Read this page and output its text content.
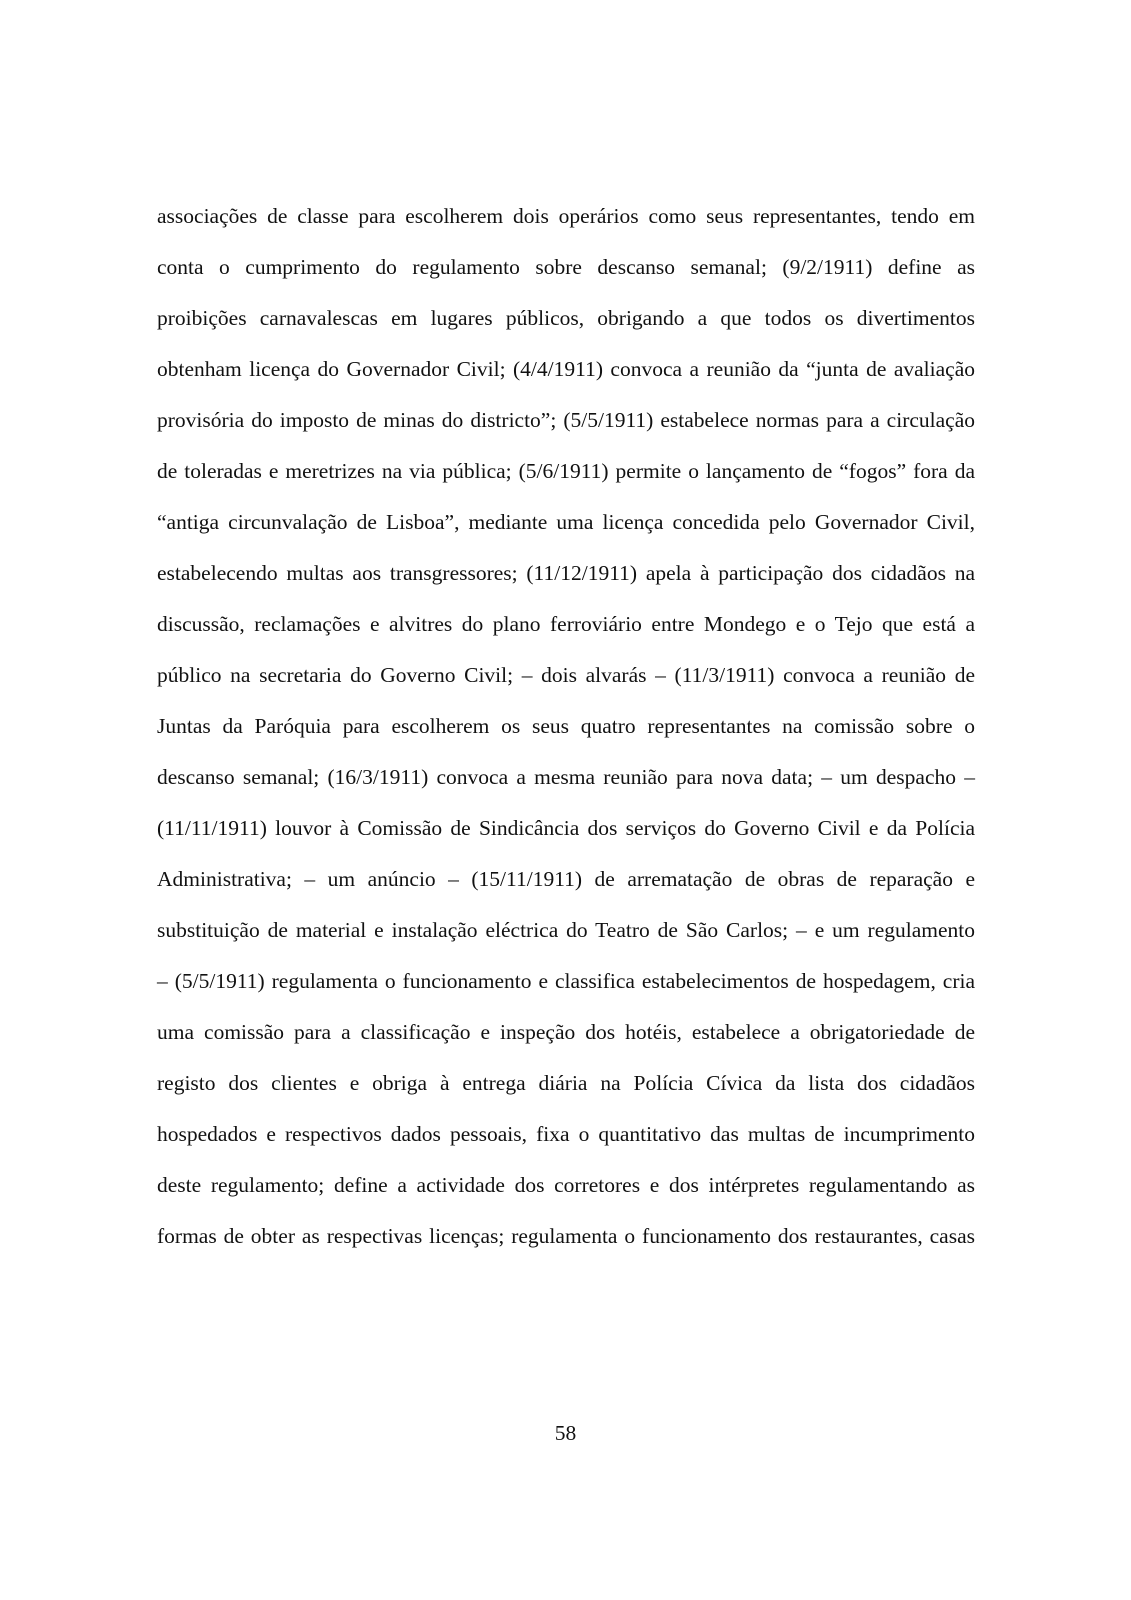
associações de classe para escolherem dois operários como seus representantes, tendo em
conta o cumprimento do regulamento sobre descanso semanal; (9/2/1911) define as
proibições carnavalescas em lugares públicos, obrigando a que todos os divertimentos
obtenham licença do Governador Civil; (4/4/1911) convoca a reunião da “junta de avaliação
provisória do imposto de minas do districto”; (5/5/1911) estabelece normas para a circulação
de toleradas e meretrizes na via pública; (5/6/1911) permite o lançamento de “fogos” fora da
“antiga circunvalação de Lisboa”, mediante uma licença concedida pelo Governador Civil,
estabelecendo multas aos transgressores; (11/12/1911) apela à participação dos cidadãos na
discussão, reclamações e alvitres do plano ferroviário entre Mondego e o Tejo que está a
público na secretaria do Governo Civil; – dois alvarás – (11/3/1911) convoca a reunião de
Juntas da Paróquia para escolherem os seus quatro representantes na comissão sobre o
descanso semanal; (16/3/1911) convoca a mesma reunião para nova data; – um despacho –
(11/11/1911) louvor à Comissão de Sindicância dos serviços do Governo Civil e da Polícia
Administrativa; – um anúncio – (15/11/1911) de arrematação de obras de reparação e
substituição de material e instalação eléctrica do Teatro de São Carlos; – e um regulamento
– (5/5/1911) regulamenta o funcionamento e classifica estabelecimentos de hospedagem, cria
uma comissão para a classificação e inspeção dos hotéis, estabelece a obrigatoriedade de
registo dos clientes e obriga à entrega diária na Polícia Cívica da lista dos cidadãos
hospedados e respectivos dados pessoais, fixa o quantitativo das multas de incumprimento
deste regulamento; define a actividade dos corretores e dos intérpretes regulamentando as
formas de obter as respectivas licenças; regulamenta o funcionamento dos restaurantes, casas
58
